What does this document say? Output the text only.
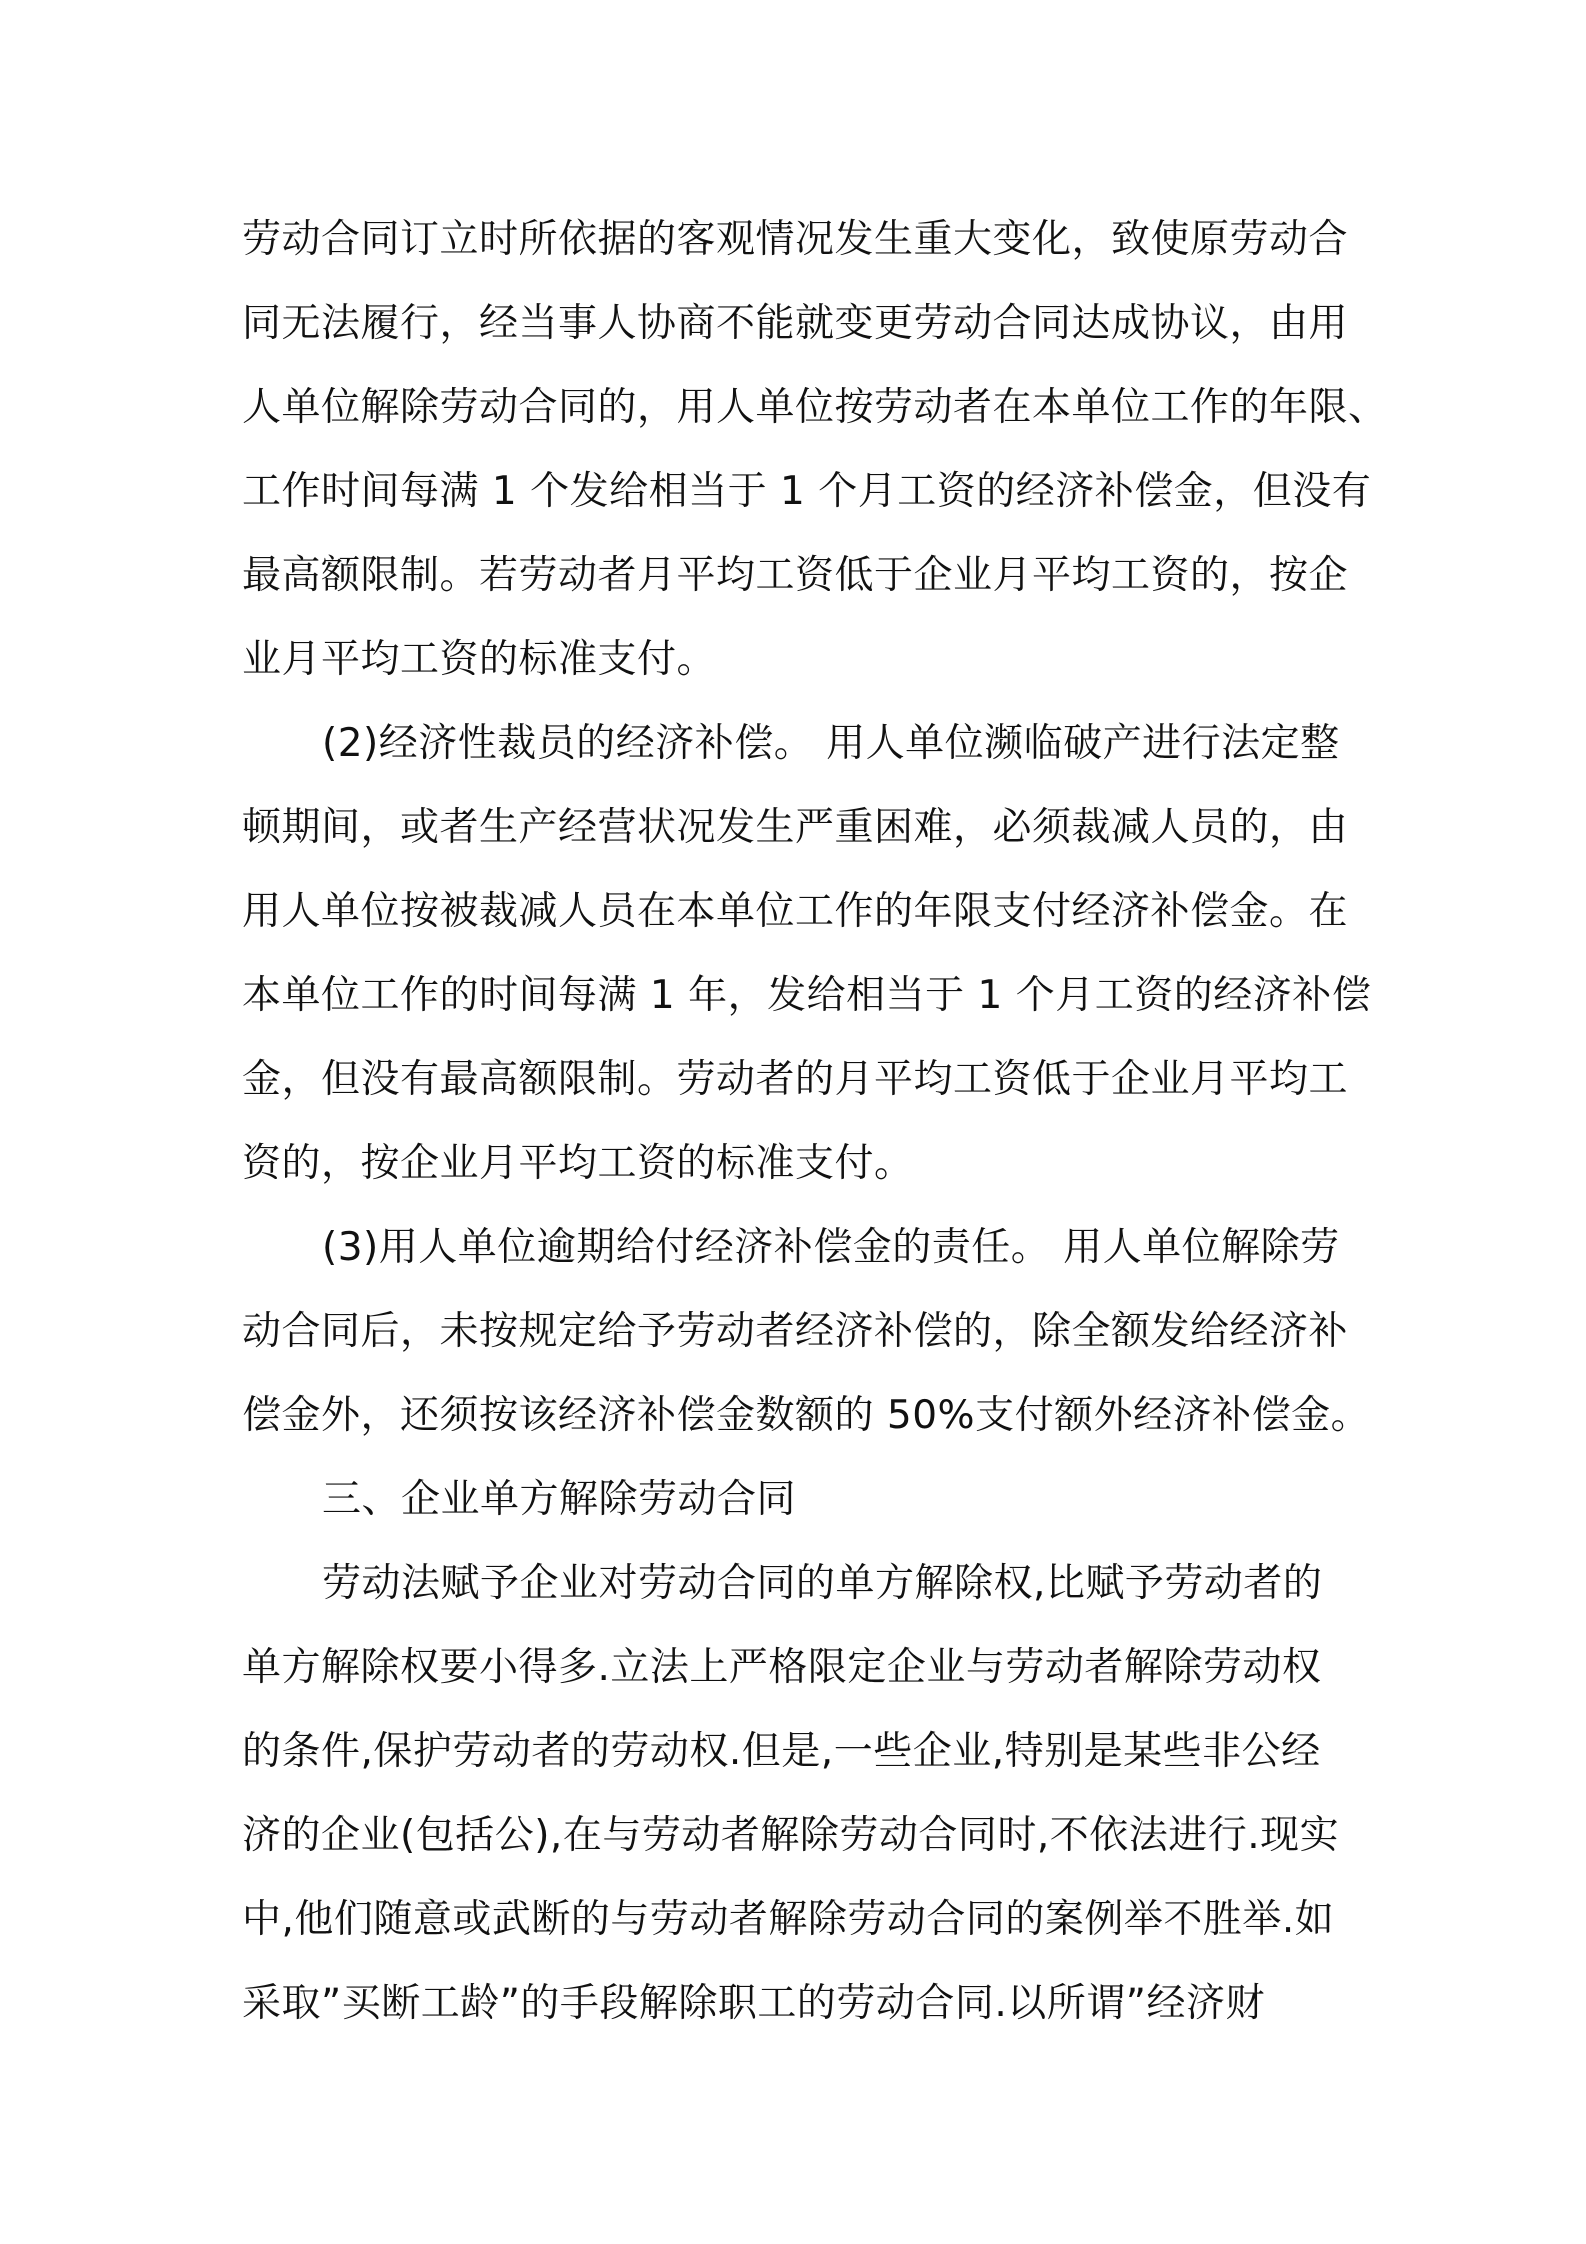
劳动合同订立时所依据的客观情况发生重大变化，致使原劳动合
同无法履行，经当事人协商不能就变更劳动合同达成协议，由用
人单位解除劳动合同的，用人单位按劳动者在本单位工作的年限、
工作时间每满 1 个发给相当于 1 个月工资的经济补偿金，但没有
最高额限制。若劳动者月平均工资低于企业月平均工资的，按企
业月平均工资的标准支付。
(2)经济性裁员的经济补偿。 用人单位濒临破产进行法定整
顿期间，或者生产经营状况发生严重困难，必须裁减人员的，由
用人单位按被裁减人员在本单位工作的年限支付经济补偿金。在
本单位工作的时间每满 1 年，发给相当于 1 个月工资的经济补偿
金，但没有最高额限制。劳动者的月平均工资低于企业月平均工
资的，按企业月平均工资的标准支付。
(3)用人单位逾期给付经济补偿金的责任。 用人单位解除劳
动合同后，未按规定给予劳动者经济补偿的，除全额发给经济补
偿金外，还须按该经济补偿金数额的 50%支付额外经济补偿金。
三、企业单方解除劳动合同
劳动法赋予企业对劳动合同的单方解除权,比赋予劳动者的
单方解除权要小得多.立法上严格限定企业与劳动者解除劳动权
的条件,保护劳动者的劳动权.但是,一些企业,特别是某些非公经
济的企业(包括公),在与劳动者解除劳动合同时,不依法进行.现实
中,他们随意或武断的与劳动者解除劳动合同的案例举不胜举.如
采取”买断工龄”的手段解除职工的劳动合同.以所谓”经济财
